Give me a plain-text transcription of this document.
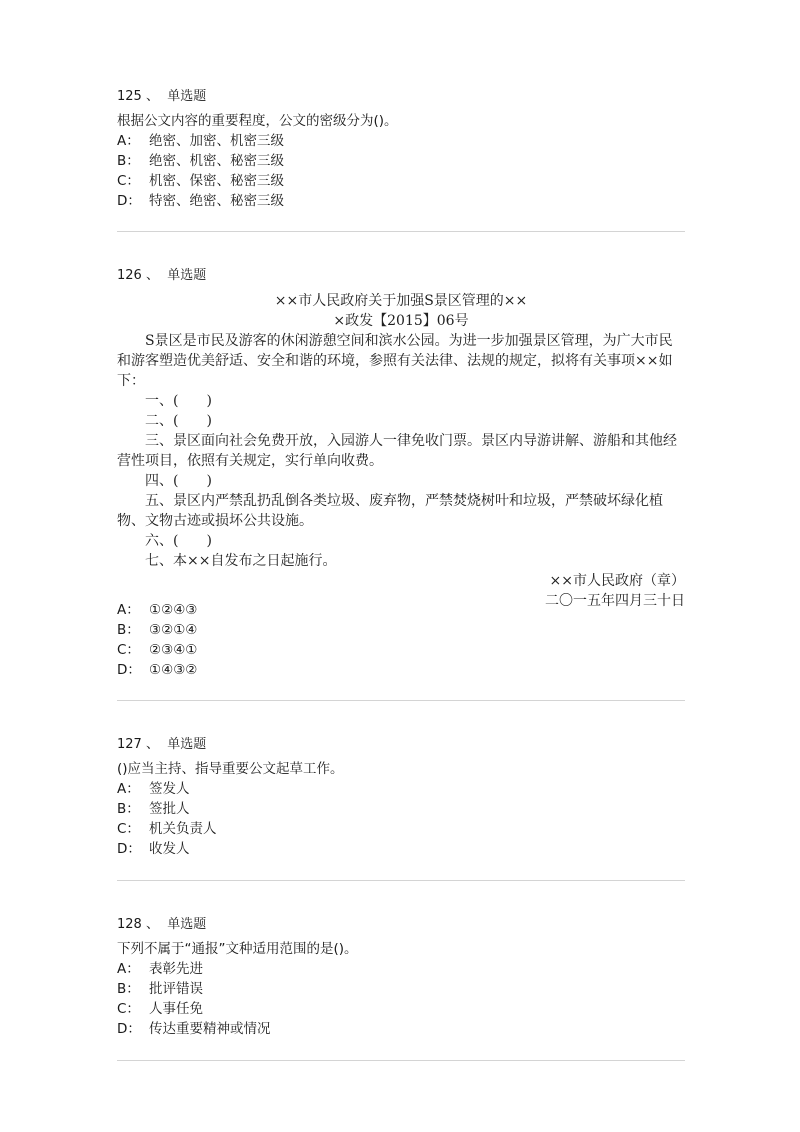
125 、 单选题
根据公文内容的重要程度，公文的密级分为()。
A： 绝密、加密、机密三级
B： 绝密、机密、秘密三级
C： 机密、保密、秘密三级
D： 特密、绝密、秘密三级
126 、 单选题
××市人民政府关于加强S景区管理的××
×政发【2015】06号

S景区是市民及游客的休闲游憩空间和滨水公园。为进一步加强景区管理，为广大市民和游客塑造优美舒适、安全和谐的环境，参照有关法律、法规的规定，拟将有关事项××如下：

一、(　　)

二、(　　)

三、景区面向社会免费开放，入园游人一律免收门票。景区内导游讲解、游船和其他经营性项目，依照有关规定，实行单向收费。

四、(　　)

五、景区内严禁乱扔乱倒各类垃圾、废弃物，严禁焚烧树叶和垃圾，严禁破坏绿化植物、文物古迹或损坏公共设施。

六、(　　)

七、本××自发布之日起施行。

××市人民政府（章）
二〇一五年四月三十日
A： ①②④③
B： ③②①④
C： ②③④①
D： ①④③②
127 、 单选题
()应当主持、指导重要公文起草工作。
A： 签发人
B： 签批人
C： 机关负责人
D： 收发人
128 、 单选题
下列不属于“通报”文种适用范围的是()。
A： 表彰先进
B： 批评错误
C： 人事任免
D： 传达重要精神或情况
